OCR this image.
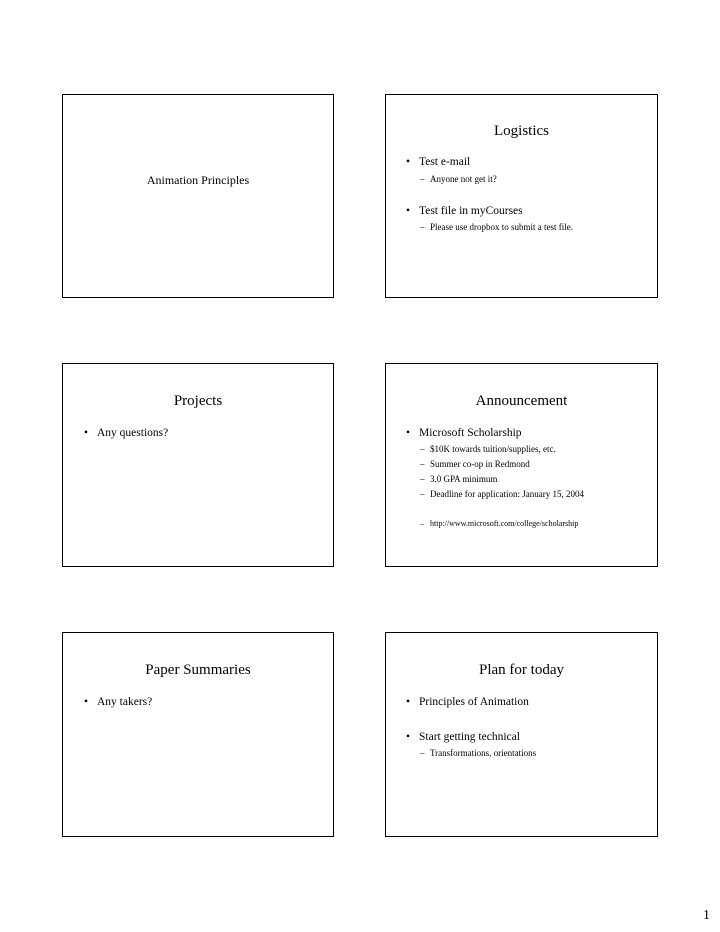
Animation Principles
Logistics
• Test e-mail
– Anyone not get it?
• Test file in myCourses
– Please use dropbox to submit a test file.
Projects
• Any questions?
Announcement
• Microsoft Scholarship
– $10K towards tuition/supplies, etc.
– Summer co-op in Redmond
– 3.0 GPA minimum
– Deadline for application: January 15, 2004
– http://www.microsoft.com/college/scholarship
Paper Summaries
• Any takers?
Plan for today
• Principles of Animation
• Start getting technical
– Transformations, orientations
1
